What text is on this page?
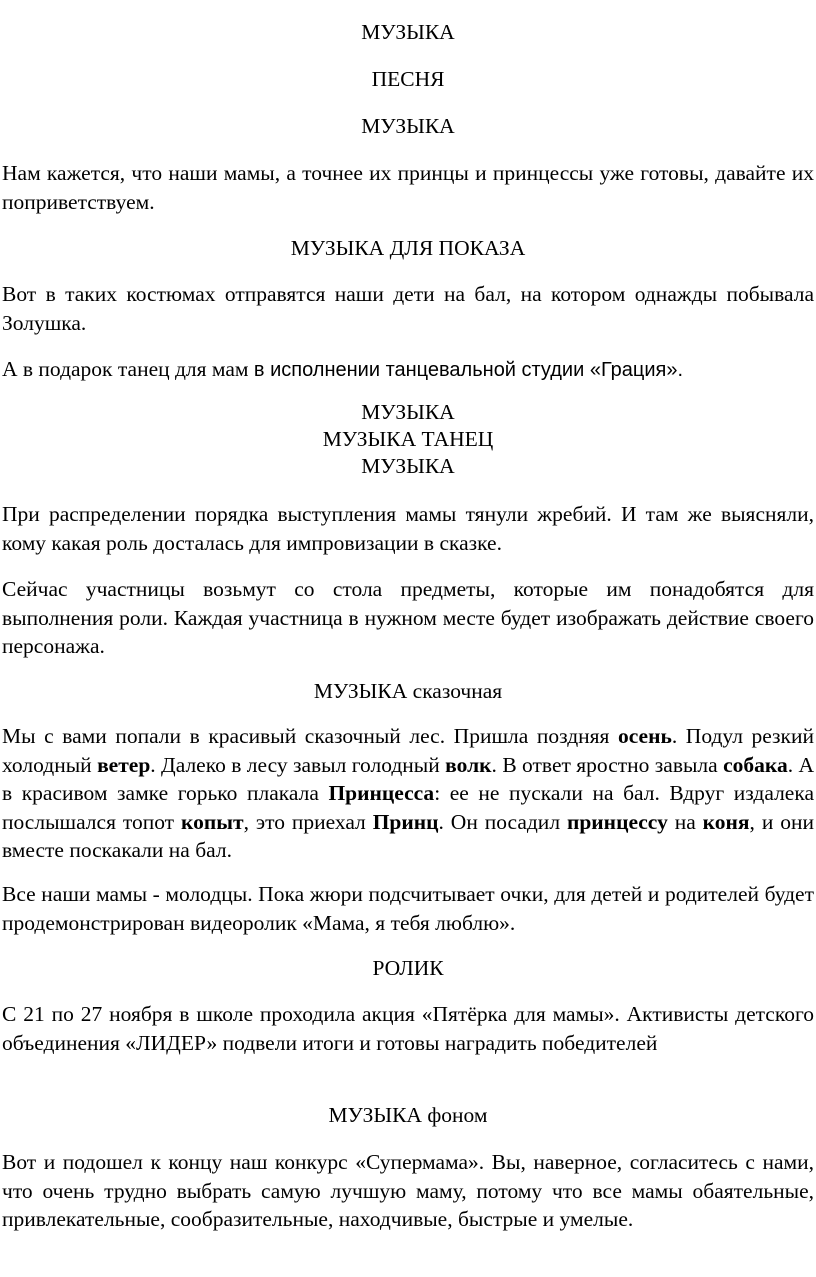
МУЗЫКА
ПЕСНЯ
МУЗЫКА
Нам кажется, что наши мамы, а точнее их принцы и принцессы уже готовы, давайте их поприветствуем.
МУЗЫКА ДЛЯ ПОКАЗА
Вот в таких костюмах отправятся наши дети на бал, на котором однажды побывала Золушка.
А в подарок танец для мам в исполнении танцевальной студии «Грация».
МУЗЫКА
МУЗЫКА ТАНЕЦ
МУЗЫКА
При распределении порядка выступления мамы тянули жребий. И там же выясняли, кому какая роль досталась для импровизации в сказке.
Сейчас участницы возьмут со стола предметы, которые им понадобятся для выполнения роли. Каждая участница в нужном месте будет изображать действие своего персонажа.
МУЗЫКА сказочная
Мы с вами попали в красивый сказочный лес. Пришла поздняя осень. Подул резкий холодный ветер. Далеко в лесу завыл голодный волк. В ответ яростно завыла собака. А в красивом замке горько плакала Принцесса: ее не пускали на бал. Вдруг издалека послышался топот копыт, это приехал Принц. Он посадил принцессу на коня, и они вместе поскакали на бал.
Все наши мамы - молодцы. Пока жюри подсчитывает очки, для детей и родителей будет продемонстрирован видеоролик «Мама, я тебя люблю».
РОЛИК
С 21 по 27 ноября в школе проходила акция «Пятёрка для мамы». Активисты детского объединения «ЛИДЕР» подвели итоги и готовы наградить победителей
МУЗЫКА фоном
Вот и подошел к концу наш конкурс «Супермама». Вы, наверное, согласитесь с нами, что очень трудно выбрать самую лучшую маму, потому что все мамы обаятельные, привлекательные, сообразительные, находчивые, быстрые и умелые.
